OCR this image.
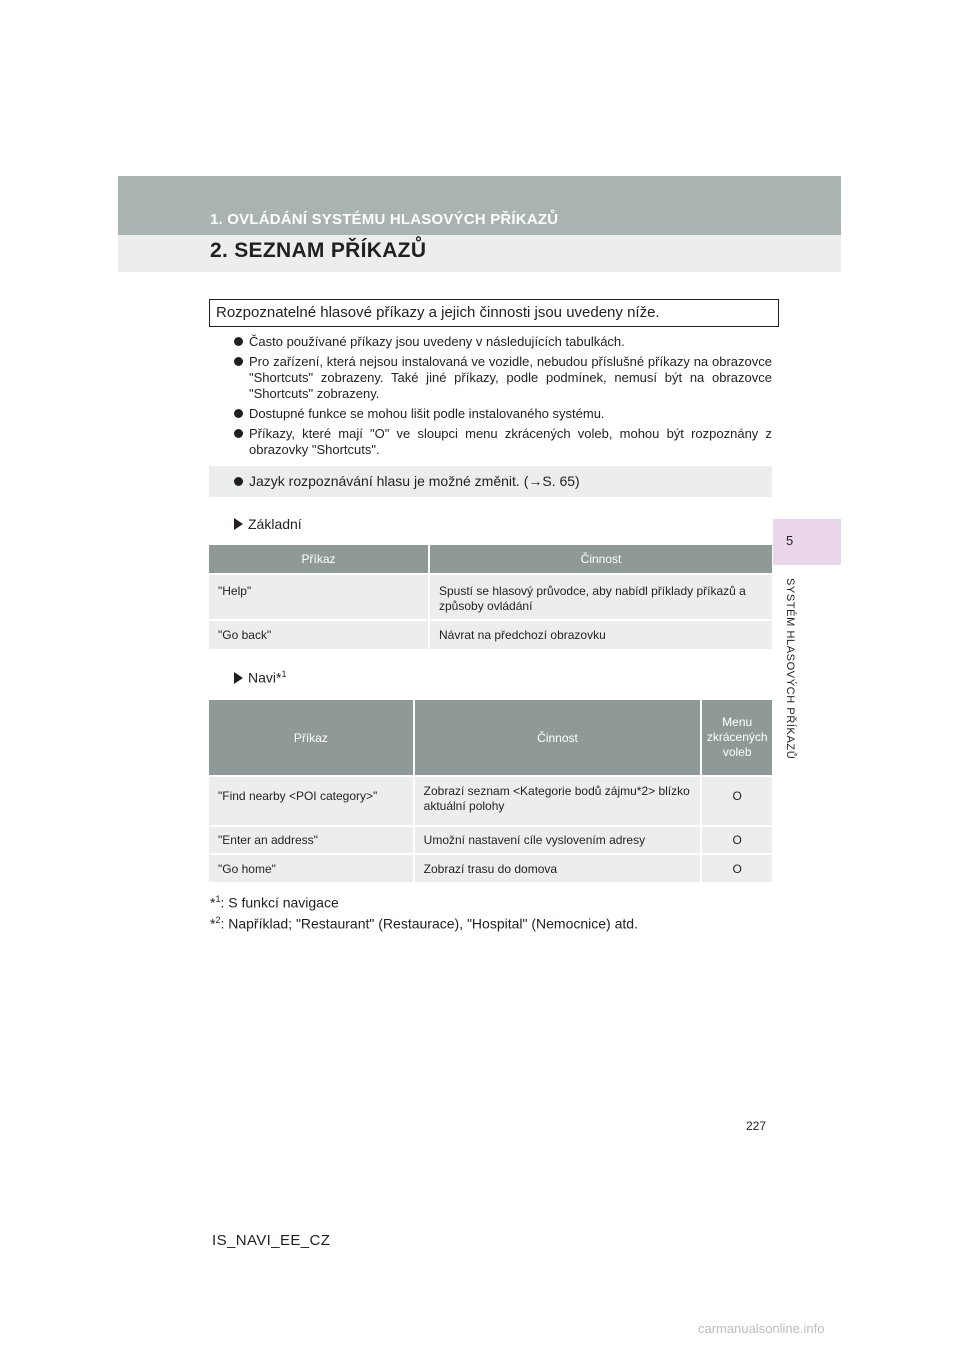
1. OVLÁDÁNÍ SYSTÉMU HLASOVÝCH PŘÍKAZŮ
2. SEZNAM PŘÍKAZŮ
5
SYSTÉM HLASOVÝCH PŘÍKAZŮ
Rozpoznatelné hlasové příkazy a jejich činnosti jsou uvedeny níže.
Často používané příkazy jsou uvedeny v následujících tabulkách.
Pro zařízení, která nejsou instalovaná ve vozidle, nebudou příslušné příkazy na obrazovce "Shortcuts" zobrazeny. Také jiné příkazy, podle podmínek, nemusí být na obrazovce "Shortcuts" zobrazeny.
Dostupné funkce se mohou lišit podle instalovaného systému.
Příkazy, které mají "O" ve sloupci menu zkrácených voleb, mohou být rozpoznány z obrazovky "Shortcuts".
Jazyk rozpoznávání hlasu je možné změnit. (→S. 65)
Základní
Příkaz	Činnost
"Help"	Spustí se hlasový průvodce, aby nabídl příklady příkazů a způsoby ovládání
"Go back"	Návrat na předchozí obrazovku
Navi*$^1$
Příkaz	Činnost	Menu zkrácených voleb
"Find nearby <POI category>"	Zobrazí seznam <Kategorie bodů zájmu*2> blízko aktuální polohy	O
"Enter an address"	Umožní nastavení cíle vyslovením adresy	O
"Go home"	Zobrazí trasu do domova	O
*$^1$: S funkcí navigace
*$^2$: Například; "Restaurant" (Restaurace), "Hospital" (Nemocnice) atd.
227
IS_NAVI_EE_CZ
carmanualsonline.info
